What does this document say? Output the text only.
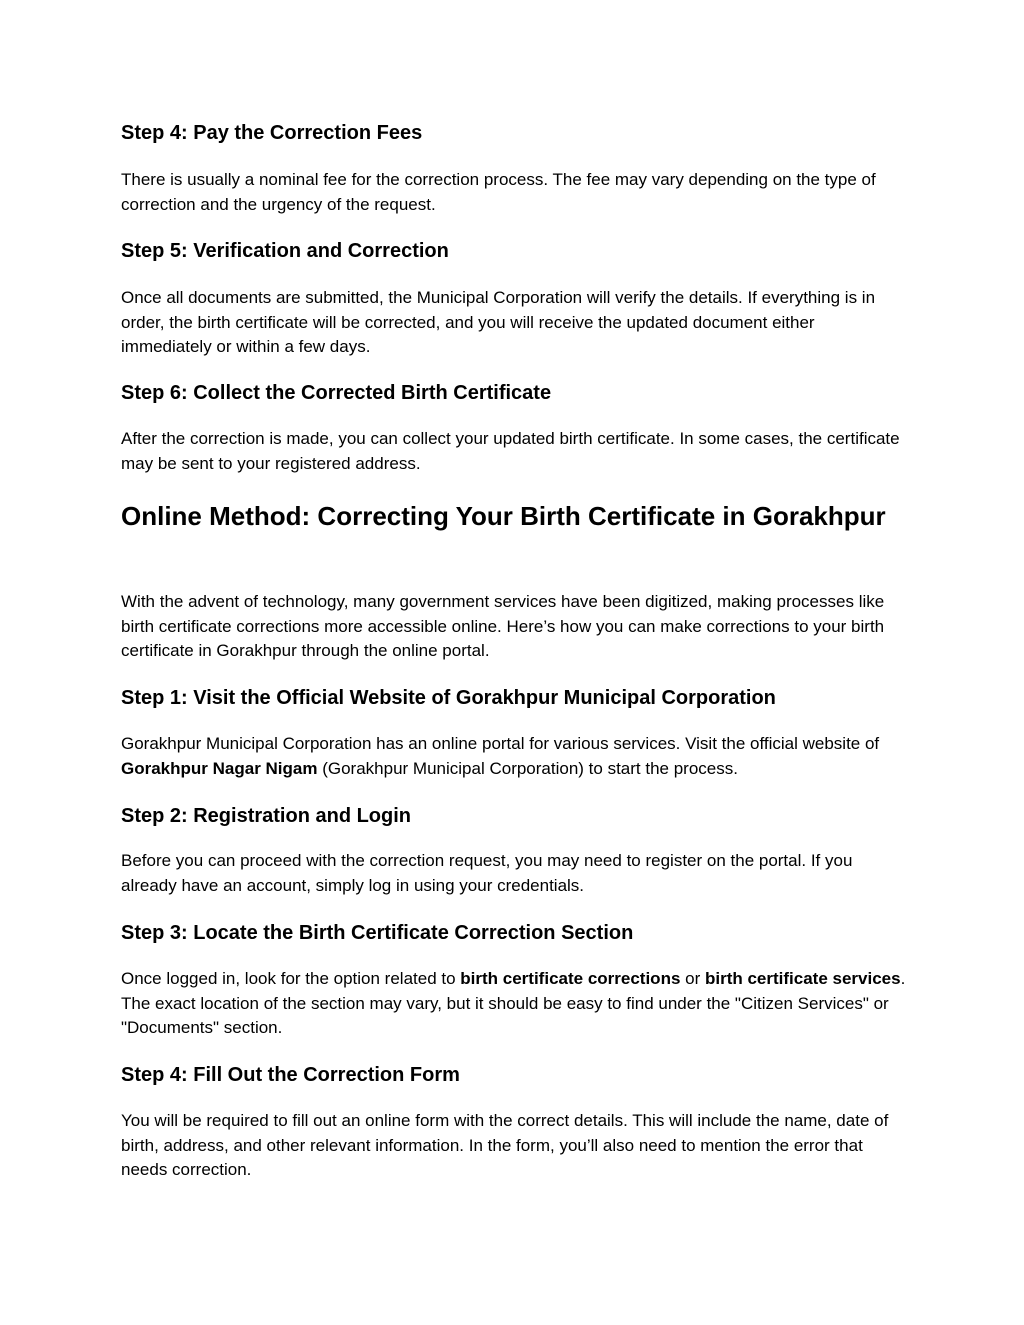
Step 4: Pay the Correction Fees

There is usually a nominal fee for the correction process. The fee may vary depending on the type of correction and the urgency of the request.

Step 5: Verification and Correction

Once all documents are submitted, the Municipal Corporation will verify the details. If everything is in order, the birth certificate will be corrected, and you will receive the updated document either immediately or within a few days.

Step 6: Collect the Corrected Birth Certificate

After the correction is made, you can collect your updated birth certificate. In some cases, the certificate may be sent to your registered address.

Online Method: Correcting Your Birth Certificate in Gorakhpur

With the advent of technology, many government services have been digitized, making processes like birth certificate corrections more accessible online. Here’s how you can make corrections to your birth certificate in Gorakhpur through the online portal.

Step 1: Visit the Official Website of Gorakhpur Municipal Corporation

Gorakhpur Municipal Corporation has an online portal for various services. Visit the official website of Gorakhpur Nagar Nigam (Gorakhpur Municipal Corporation) to start the process.

Step 2: Registration and Login

Before you can proceed with the correction request, you may need to register on the portal. If you already have an account, simply log in using your credentials.

Step 3: Locate the Birth Certificate Correction Section

Once logged in, look for the option related to birth certificate corrections or birth certificate services. The exact location of the section may vary, but it should be easy to find under the "Citizen Services" or "Documents" section.

Step 4: Fill Out the Correction Form

You will be required to fill out an online form with the correct details. This will include the name, date of birth, address, and other relevant information. In the form, you’ll also need to mention the error that needs correction.
